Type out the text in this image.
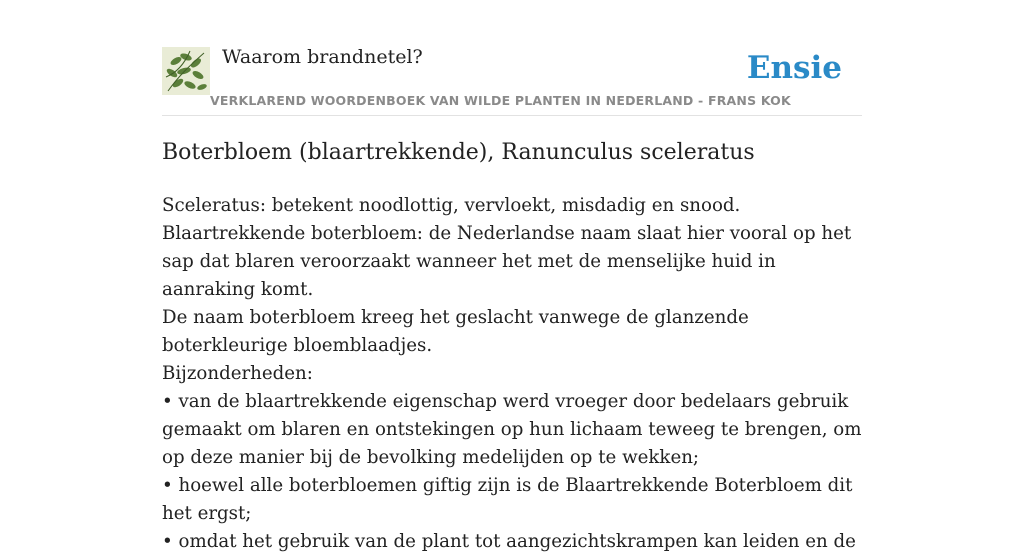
Waarom brandnetel?
VERKLAREND WOORDENBOEK VAN WILDE PLANTEN IN NEDERLAND - FRANS KOK
Ensie
Boterbloem (blaartrekkende), Ranunculus sceleratus

Sceleratus: betekent noodlottig, vervloekt, misdadig en snood.

Blaartrekkende boterbloem: de Nederlandse naam slaat hier vooral op het sap dat blaren veroorzaakt wanneer het met de menselijke huid in aanraking komt.

De naam boterbloem kreeg het geslacht vanwege de glanzende boterkleurige bloemblaadjes.

Bijzonderheden:

• van de blaartrekkende eigenschap werd vroeger door bedelaars gebruik gemaakt om blaren en ontstekingen op hun lichaam teweeg te brengen, om op deze manier bij de bevolking medelijden op te wekken;

• hoewel alle boterbloemen giftig zijn is de Blaartrekkende Boterbloem dit het ergst;

• omdat het gebruik van de plant tot aangezichtskrampen kan leiden en de
